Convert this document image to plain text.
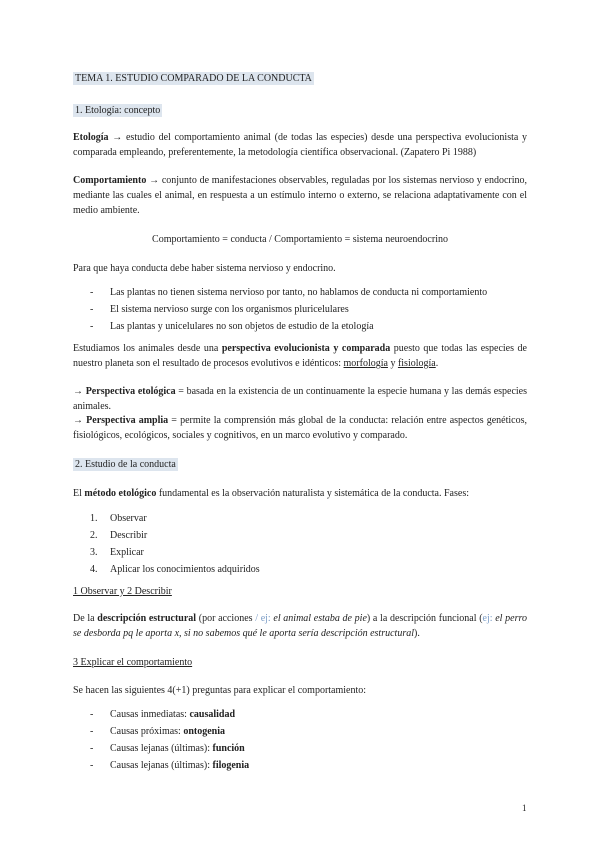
TEMA 1. ESTUDIO COMPARADO DE LA CONDUCTA
1. Etología: concepto
Etología → estudio del comportamiento animal (de todas las especies) desde una perspectiva evolucionista y comparada empleando, preferentemente, la metodología científica observacional. (Zapatero Pi 1988)
Comportamiento → conjunto de manifestaciones observables, reguladas por los sistemas nervioso y endocrino, mediante las cuales el animal, en respuesta a un estímulo interno o externo, se relaciona adaptativamente con el medio ambiente.
Comportamiento = conducta / Comportamiento = sistema neuroendocrino
Para que haya conducta debe haber sistema nervioso y endocrino.
- Las plantas no tienen sistema nervioso por tanto, no hablamos de conducta ni comportamiento
- El sistema nervioso surge con los organismos pluricelulares
- Las plantas y unicelulares no son objetos de estudio de la etología
Estudiamos los animales desde una perspectiva evolucionista y comparada puesto que todas las especies de nuestro planeta son el resultado de procesos evolutivos e idénticos: morfología y fisiología.
→ Perspectiva etológica = basada en la existencia de un continuamente la especie humana y las demás especies animales.
→ Perspectiva amplia = permite la comprensión más global de la conducta: relación entre aspectos genéticos, fisiológicos, ecológicos, sociales y cognitivos, en un marco evolutivo y comparado.
2. Estudio de la conducta
El método etológico fundamental es la observación naturalista y sistemática de la conducta. Fases:
1. Observar
2. Describir
3. Explicar
4. Aplicar los conocimientos adquiridos
1 Observar y 2 Describir
De la descripción estructural (por acciones / ej: el animal estaba de pie) a la descripción funcional (ej: el perro se desborda pq le aporta x, si no sabemos qué le aporta sería descripción estructural).
3 Explicar el comportamiento
Se hacen las siguientes 4(+1) preguntas para explicar el comportamiento:
- Causas inmediatas: causalidad
- Causas próximas: ontogenia
- Causas lejanas (últimas): función
- Causas lejanas (últimas): filogenia
1
